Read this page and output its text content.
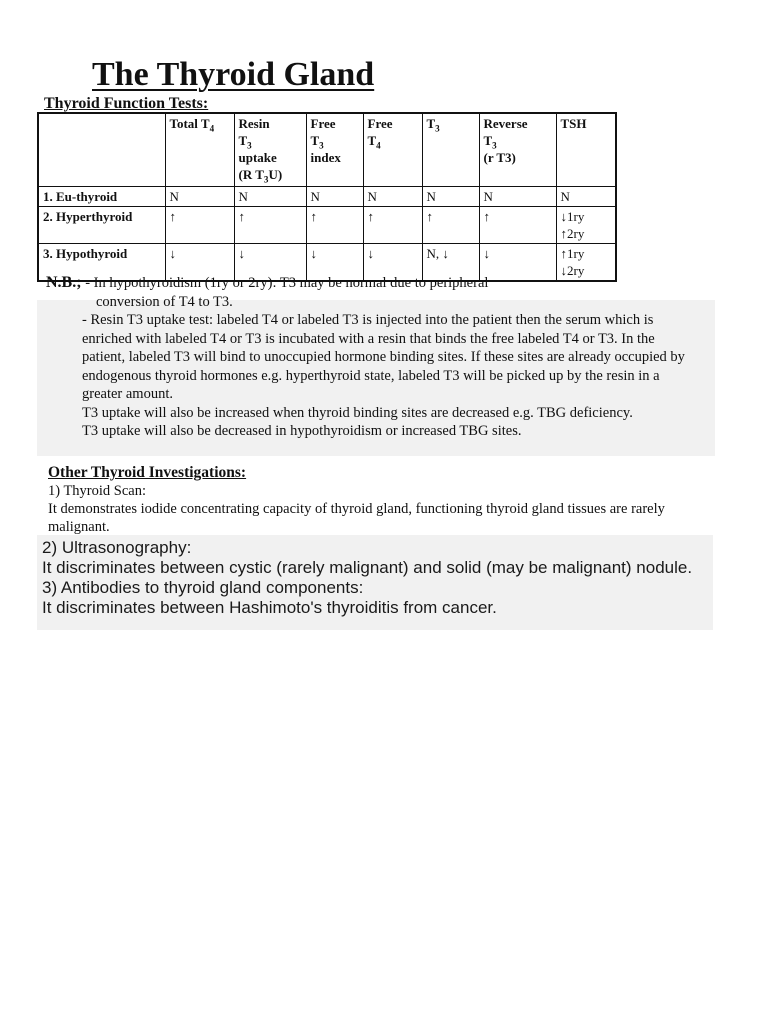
The Thyroid Gland
Thyroid Function Tests:
	Total $T_4$	Resin
$T_3$
uptake
(R $T_3U$)	Free
$T_3$
index	Free
$T_4$	$T_3$	Reverse
$T_3$
(r T3)	TSH
1. Eu-thyroid	N	N	N	N	N	N	N
2. Hyperthyroid	↑	↑	↑	↑	↑	↑	↓1ry ↑2ry
3. Hypothyroid	↓	↓	↓	↓	N, ↓	↓	↑1ry ↓2ry
N.B.; - In hypothyroidism (1ry or 2ry): T3 may be normal due to peripheral
conversion of T4 to T3.
- Resin T3 uptake test: labeled T4 or labeled T3 is injected into the patient then the serum which is enriched with labeled T4 or T3 is incubated with a resin that binds the free labeled T4 or T3. In the patient, labeled T3 will bind to unoccupied hormone binding sites. If these sites are already occupied by endogenous thyroid hormones e.g. hyperthyroid state, labeled T3 will be picked up by the resin in a greater amount.
T3 uptake will also be increased when thyroid binding sites are decreased e.g. TBG deficiency.
T3 uptake will also be decreased in hypothyroidism or increased TBG sites.
Other Thyroid Investigations:
1) Thyroid Scan:
It demonstrates iodide concentrating capacity of thyroid gland, functioning thyroid gland tissues are rarely malignant.
2) Ultrasonography:
It discriminates between cystic (rarely malignant) and solid (may be malignant) nodule.
3) Antibodies to thyroid gland components:
It discriminates between Hashimoto's thyroiditis from cancer.
